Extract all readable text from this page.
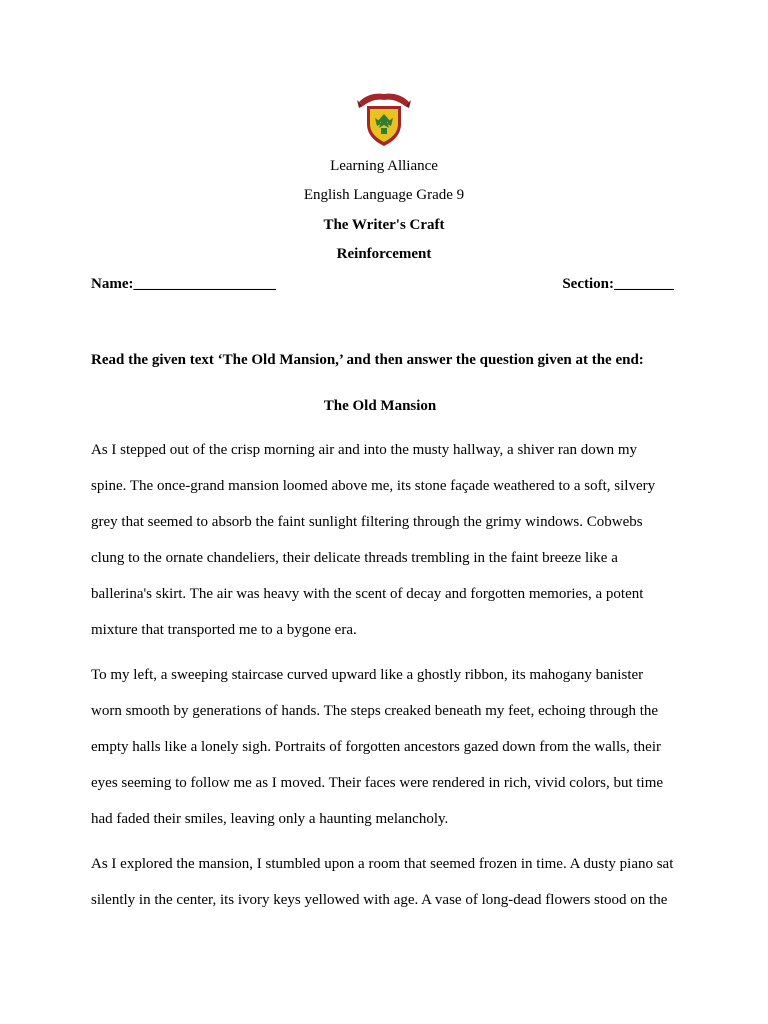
Learning Alliance
English Language Grade 9
The Writer's Craft
Reinforcement
Name:___________________	Section:________
Read the given text ‘The Old Mansion,’ and then answer the question given at the end:
The Old Mansion

As I stepped out of the crisp morning air and into the musty hallway, a shiver ran down my
spine. The once-grand mansion loomed above me, its stone façade weathered to a soft, silvery
grey that seemed to absorb the faint sunlight filtering through the grimy windows. Cobwebs
clung to the ornate chandeliers, their delicate threads trembling in the faint breeze like a
ballerina's skirt. The air was heavy with the scent of decay and forgotten memories, a potent
mixture that transported me to a bygone era.

To my left, a sweeping staircase curved upward like a ghostly ribbon, its mahogany banister
worn smooth by generations of hands. The steps creaked beneath my feet, echoing through the
empty halls like a lonely sigh. Portraits of forgotten ancestors gazed down from the walls, their
eyes seeming to follow me as I moved. Their faces were rendered in rich, vivid colors, but time
had faded their smiles, leaving only a haunting melancholy.

As I explored the mansion, I stumbled upon a room that seemed frozen in time. A dusty piano sat
silently in the center, its ivory keys yellowed with age. A vase of long-dead flowers stood on the
